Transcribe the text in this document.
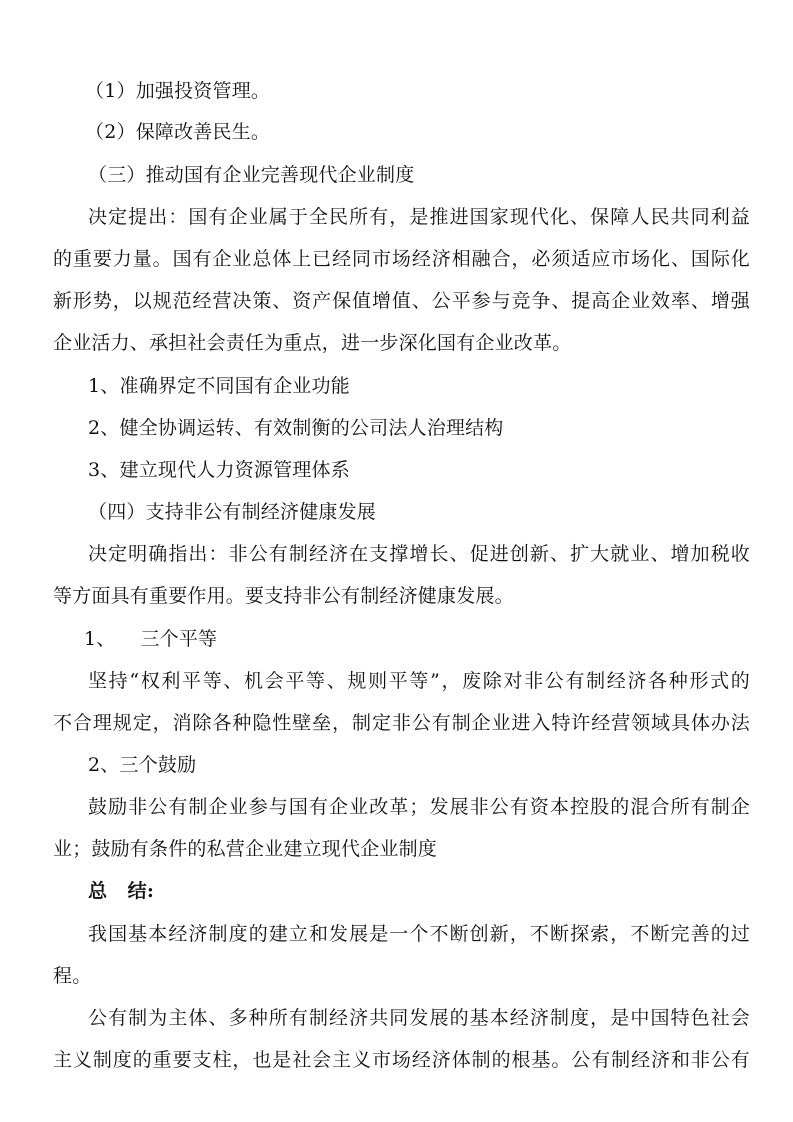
（1）加强投资管理。
（2）保障改善民生。
（三）推动国有企业完善现代企业制度
决定提出：国有企业属于全民所有，是推进国家现代化、保障人民共同利益
的重要力量。国有企业总体上已经同市场经济相融合，必须适应市场化、国际化
新形势，以规范经营决策、资产保值增值、公平参与竞争、提高企业效率、增强
企业活力、承担社会责任为重点，进一步深化国有企业改革。
1、准确界定不同国有企业功能
2、健全协调运转、有效制衡的公司法人治理结构
3、建立现代人力资源管理体系
（四）支持非公有制经济健康发展
决定明确指出：非公有制经济在支撑增长、促进创新、扩大就业、增加税收
等方面具有重要作用。要支持非公有制经济健康发展。
1、    三个平等
坚持“权利平等、机会平等、规则平等”，废除对非公有制经济各种形式的
不合理规定，消除各种隐性壁垒，制定非公有制企业进入特许经营领域具体办法
2、三个鼓励
鼓励非公有制企业参与国有企业改革；发展非公有资本控股的混合所有制企
业；鼓励有条件的私营企业建立现代企业制度
总   结:
我国基本经济制度的建立和发展是一个不断创新，不断探索，不断完善的过
程。
公有制为主体、多种所有制经济共同发展的基本经济制度，是中国特色社会
主义制度的重要支柱，也是社会主义市场经济体制的根基。公有制经济和非公有
